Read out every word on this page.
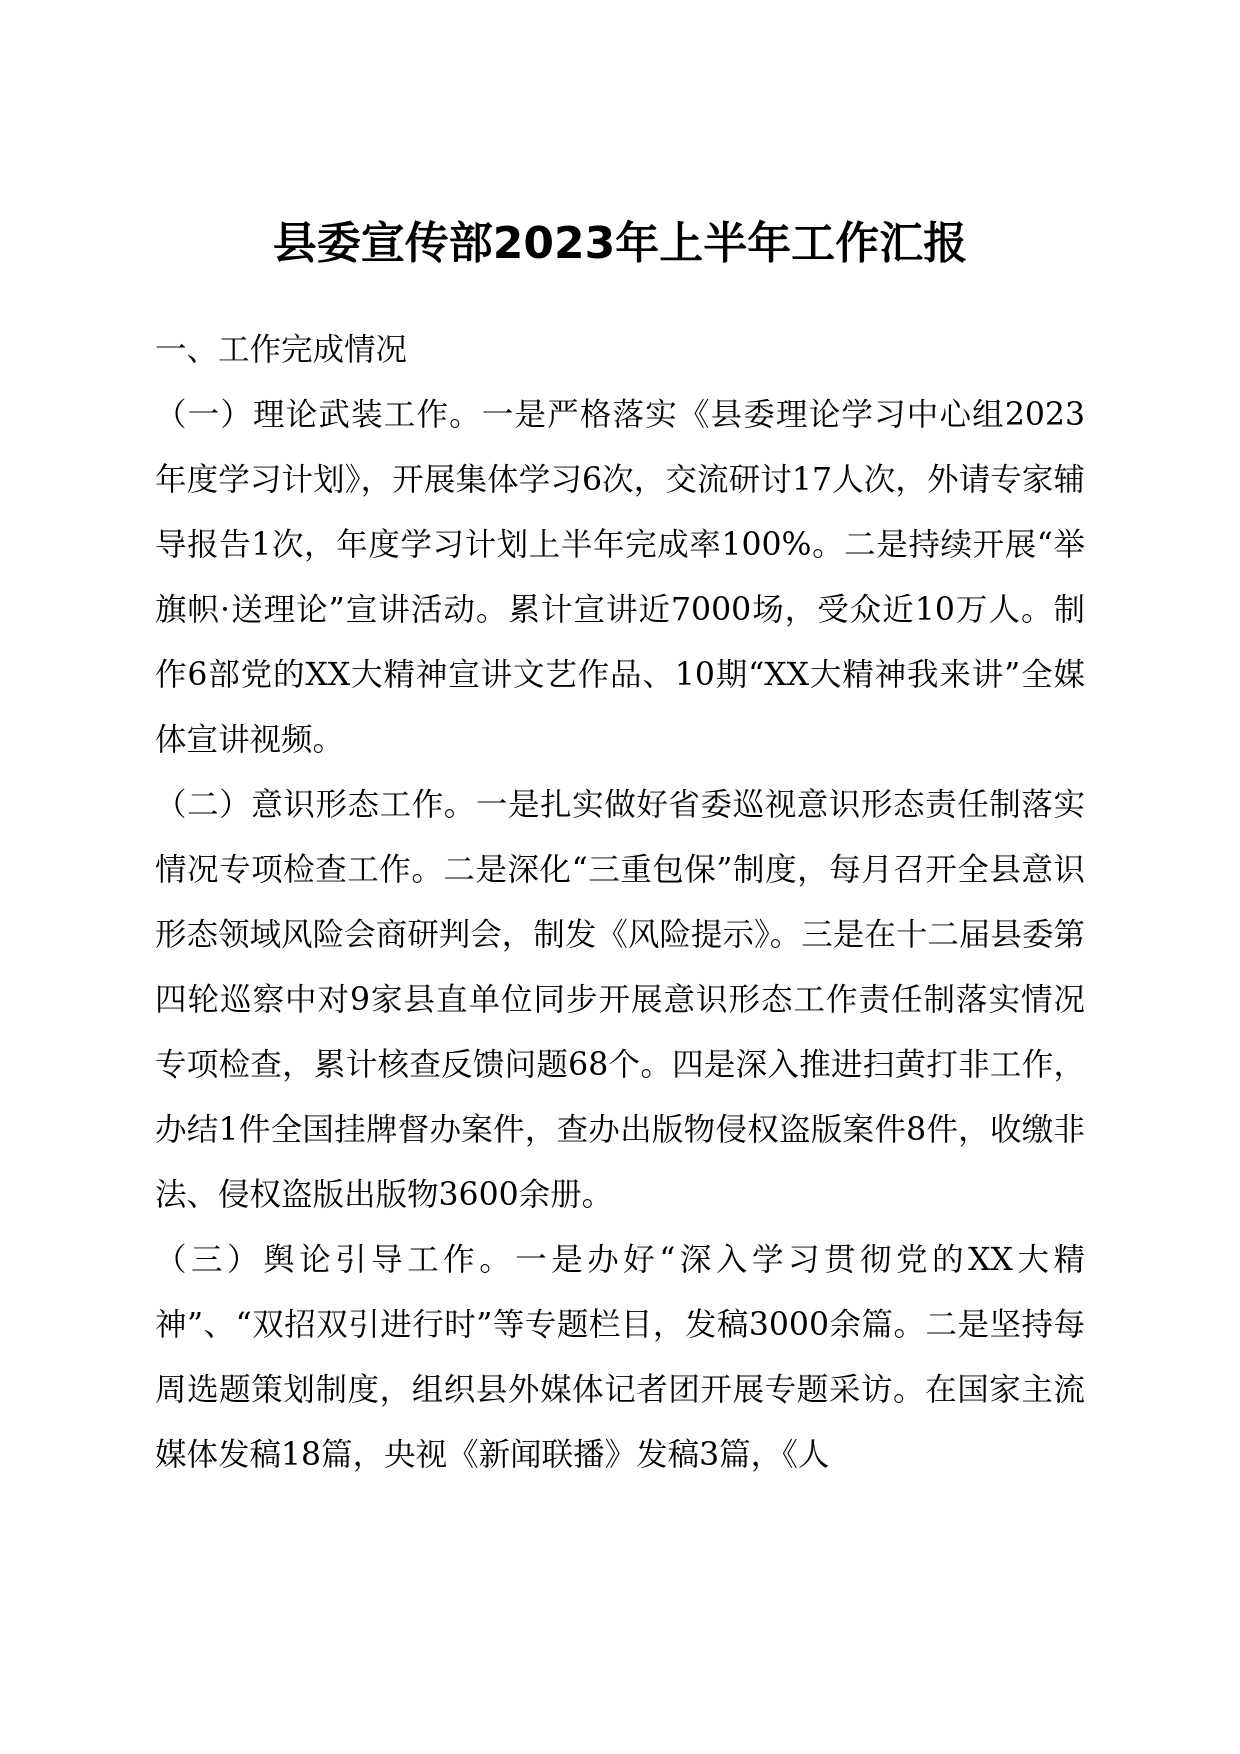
县委宣传部2023年上半年工作汇报

一、工作完成情况

（一）理论武装工作。一是严格落实《县委理论学习中心组2023年度学习计划》，开展集体学习6次，交流研讨17人次，外请专家辅导报告1次，年度学习计划上半年完成率100%。二是持续开展“举旗帜·送理论”宣讲活动。累计宣讲近7000场，受众近10万人。制作6部党的XX大精神宣讲文艺作品、10期“XX大精神我来讲”全媒体宣讲视频。

（二）意识形态工作。一是扎实做好省委巡视意识形态责任制落实情况专项检查工作。二是深化“三重包保”制度，每月召开全县意识形态领域风险会商研判会，制发《风险提示》。三是在十二届县委第四轮巡察中对9家县直单位同步开展意识形态工作责任制落实情况专项检查，累计核查反馈问题68个。四是深入推进扫黄打非工作，办结1件全国挂牌督办案件，查办出版物侵权盗版案件8件，收缴非法、侵权盗版出版物3600余册。

（三）舆论引导工作。一是办好“深入学习贯彻党的XX大精神”、“双招双引进行时”等专题栏目，发稿3000余篇。二是坚持每周选题策划制度，组织县外媒体记者团开展专题采访。在国家主流媒体发稿18篇，央视《新闻联播》发稿3篇，《人
